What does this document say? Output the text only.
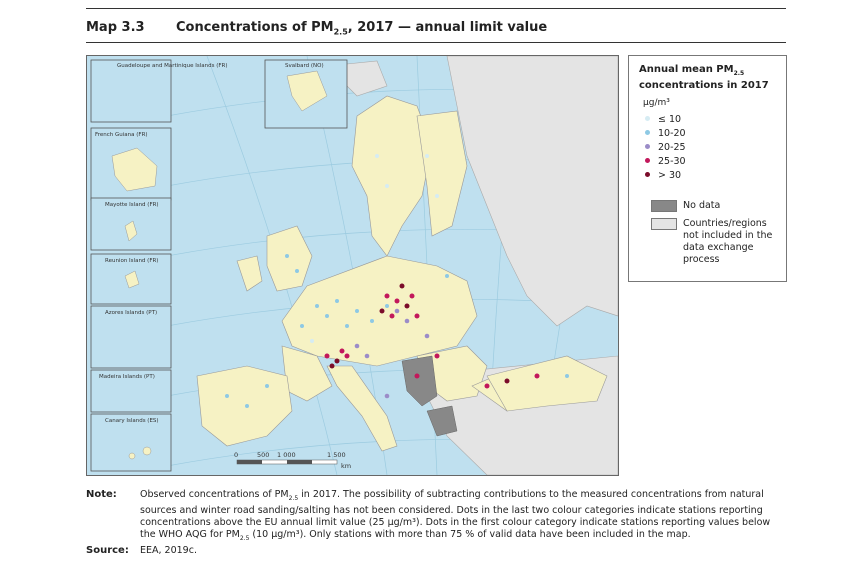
Map 3.3 Concentrations of $PM_{2.5}$, 2017 — annual limit value
Guadeloupe and Martinique Islands (FR)
French Guiana (FR)
Mayotte Island (FR)
Reunion Island (FR)
Azores Islands (PT)
Madeira Islands (PT)
Canary Islands (ES)
Svalbard (NO)
0	500 1 000	1 500
km
Annual mean $PM_{2.5}$
concentrations in 2017
µg/m³
≤ 10
10-20
20-25
25-30
> 30
No data
Countries/regions not included in the data exchange process
Note: Observed concentrations of $PM_{2.5}$ in 2017. The possibility of subtracting contributions to the measured concentrations from natural sources and winter road sanding/salting has not been considered. Dots in the last two colour categories indicate stations reporting concentrations above the EU annual limit value (25 µg/m³). Dots in the first colour category indicate stations reporting values below the WHO AQG for $PM_{2.5}$ (10 µg/m³). Only stations with more than 75 % of valid data have been included in the map.
Source: EEA, 2019c.
